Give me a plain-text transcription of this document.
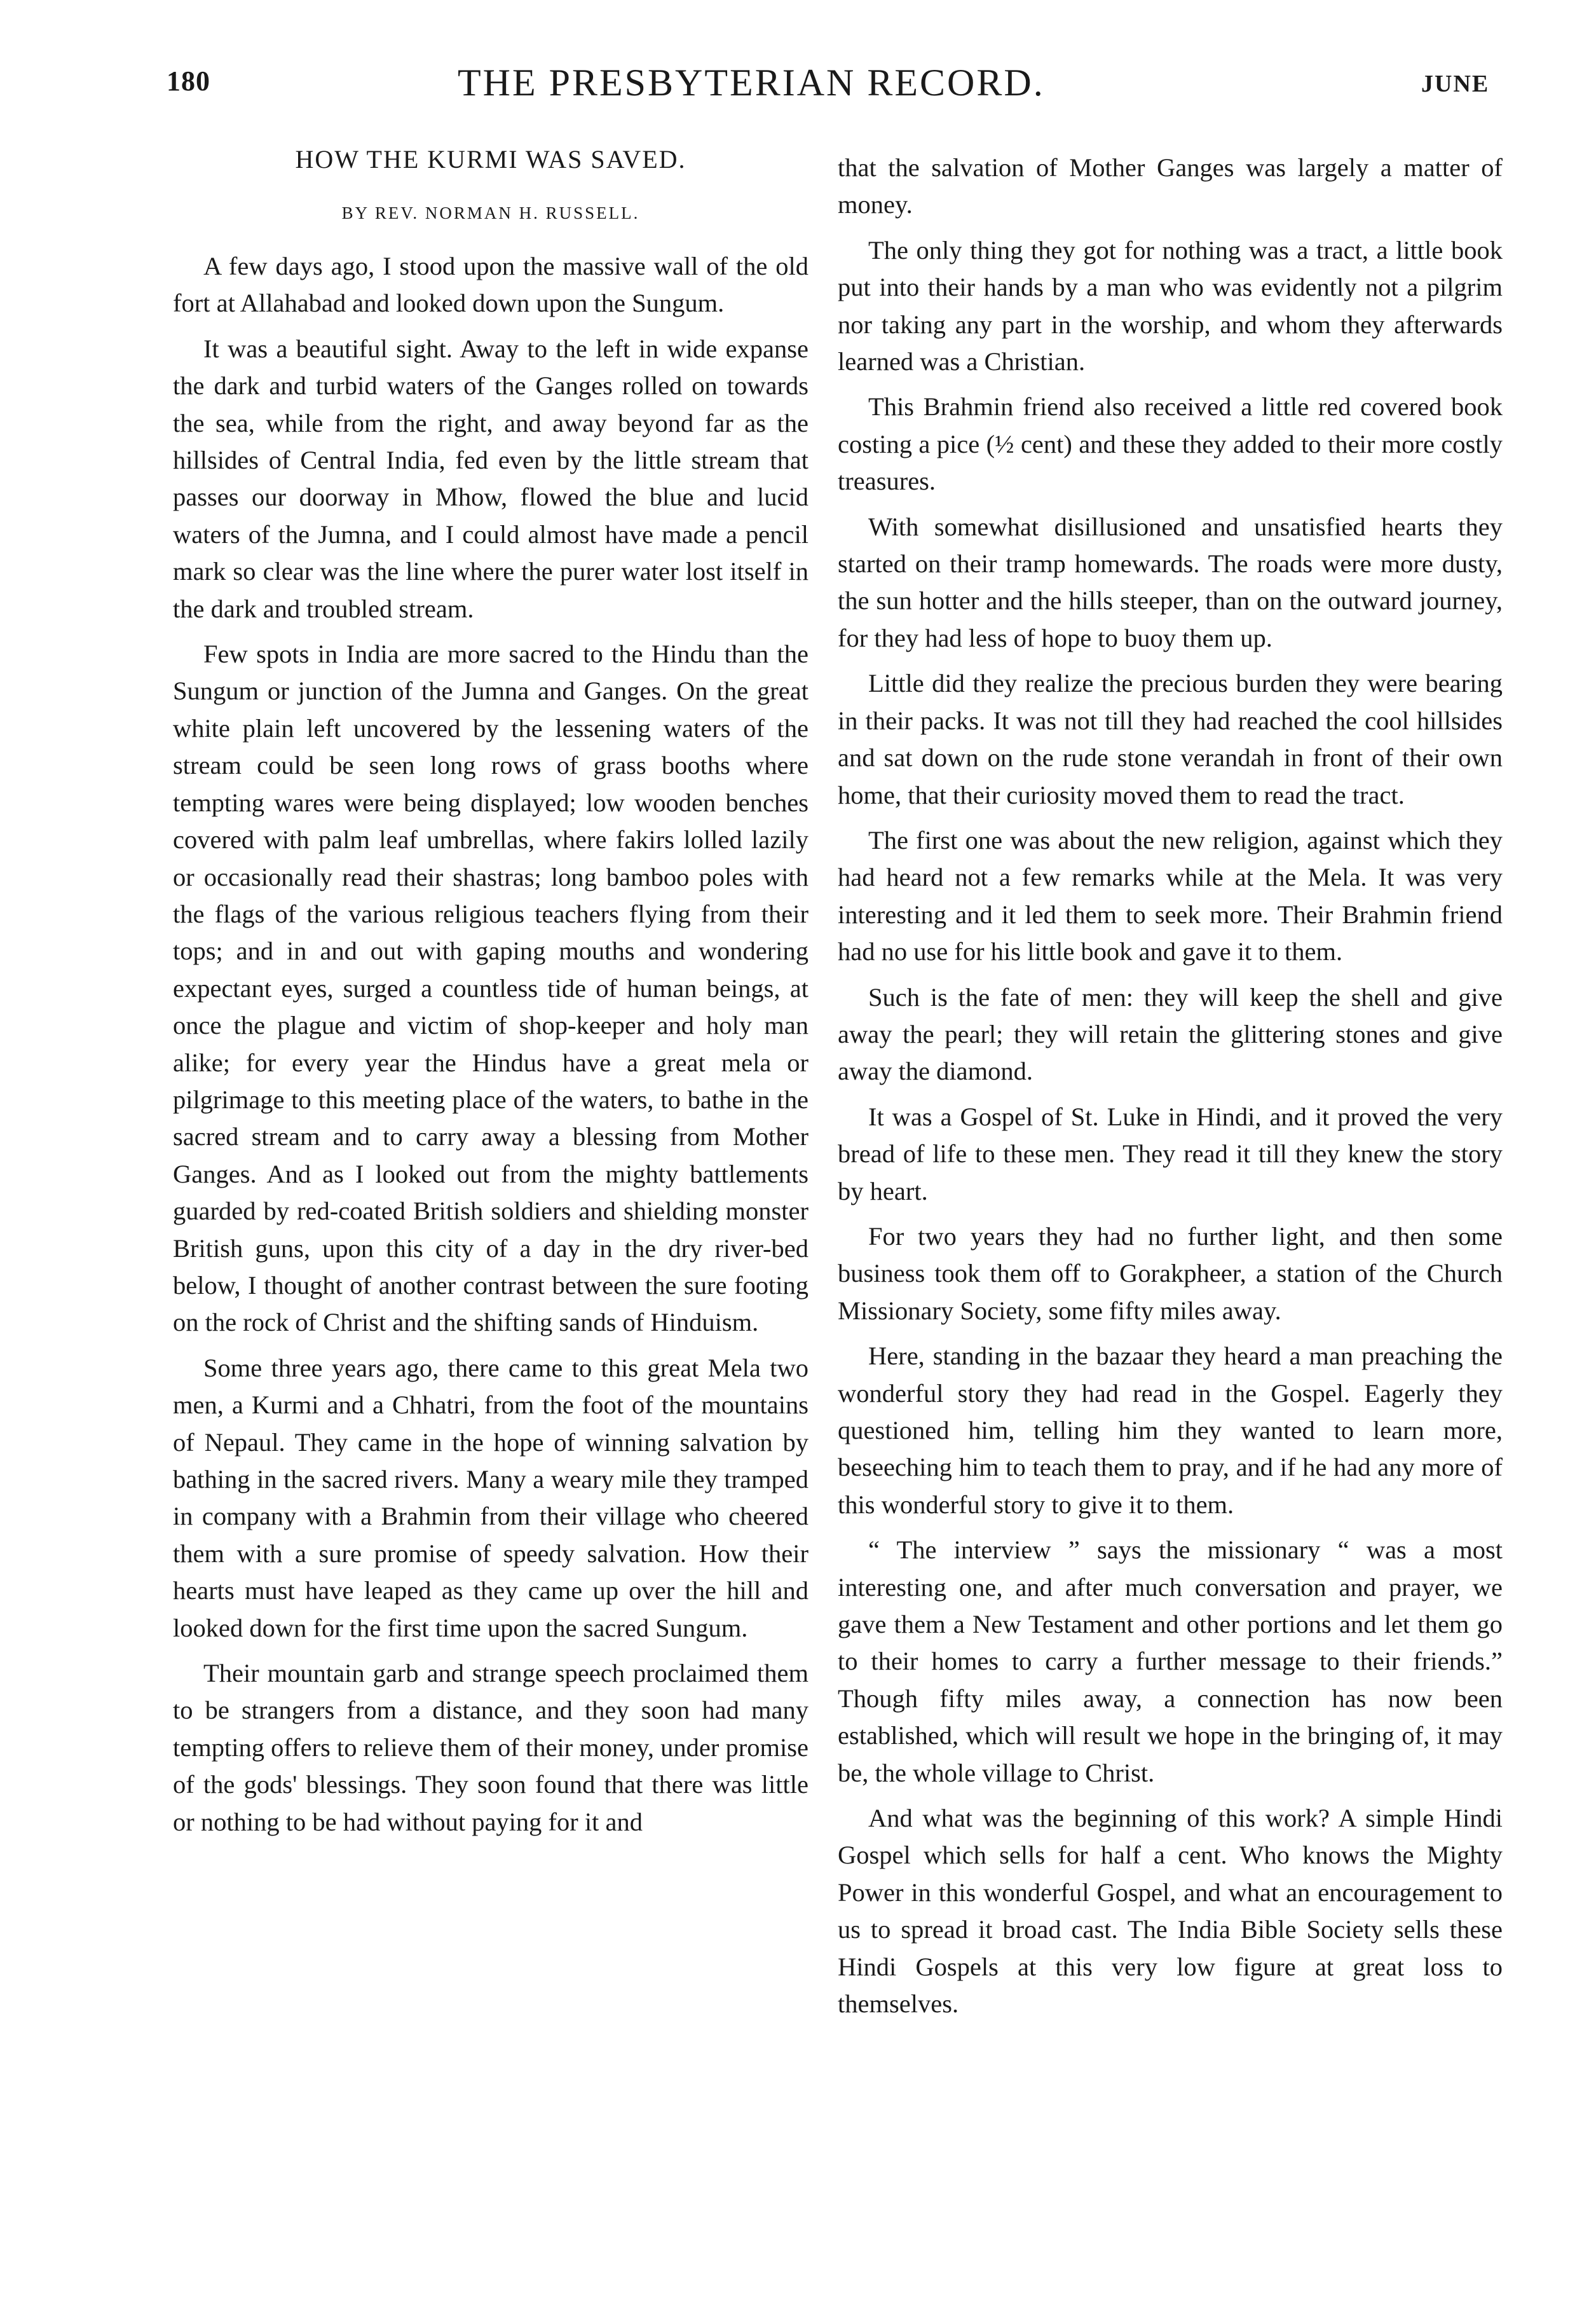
180	THE PRESBYTERIAN RECORD.	JUNE
HOW THE KURMI WAS SAVED.
BY REV. NORMAN H. RUSSELL.

A few days ago, I stood upon the massive wall of the old fort at Allahabad and looked down upon the Sungum.

It was a beautiful sight. Away to the left in wide expanse the dark and turbid waters of the Ganges rolled on towards the sea, while from the right, and away beyond far as the hillsides of Central India, fed even by the little stream that passes our doorway in Mhow, flowed the blue and lucid waters of the Jumna, and I could almost have made a pencil mark so clear was the line where the purer water lost itself in the dark and troubled stream.

Few spots in India are more sacred to the Hindu than the Sungum or junction of the Jumna and Ganges. On the great white plain left uncovered by the lessening waters of the stream could be seen long rows of grass booths where tempting wares were being displayed; low wooden benches covered with palm leaf umbrellas, where fakirs lolled lazily or occasionally read their shastras; long bamboo poles with the flags of the various religious teachers flying from their tops; and in and out with gaping mouths and wondering expectant eyes, surged a countless tide of human beings, at once the plague and victim of shop-keeper and holy man alike; for every year the Hindus have a great mela or pilgrimage to this meeting place of the waters, to bathe in the sacred stream and to carry away a blessing from Mother Ganges. And as I looked out from the mighty battlements guarded by red-coated British soldiers and shielding monster British guns, upon this city of a day in the dry river-bed below, I thought of another contrast between the sure footing on the rock of Christ and the shifting sands of Hinduism.

Some three years ago, there came to this great Mela two men, a Kurmi and a Chhatri, from the foot of the mountains of Nepaul. They came in the hope of winning salvation by bathing in the sacred rivers. Many a weary mile they tramped in company with a Brahmin from their village who cheered them with a sure promise of speedy salvation. How their hearts must have leaped as they came up over the hill and looked down for the first time upon the sacred Sungum.

Their mountain garb and strange speech proclaimed them to be strangers from a distance, and they soon had many tempting offers to relieve them of their money, under promise of the gods' blessings. They soon found that there was little or nothing to be had without paying for it and

that the salvation of Mother Ganges was largely a matter of money.

The only thing they got for nothing was a tract, a little book put into their hands by a man who was evidently not a pilgrim nor taking any part in the worship, and whom they afterwards learned was a Christian.

This Brahmin friend also received a little red covered book costing a pice (½ cent) and these they added to their more costly treasures.

With somewhat disillusioned and unsatisfied hearts they started on their tramp homewards. The roads were more dusty, the sun hotter and the hills steeper, than on the outward journey, for they had less of hope to buoy them up.

Little did they realize the precious burden they were bearing in their packs. It was not till they had reached the cool hillsides and sat down on the rude stone verandah in front of their own home, that their curiosity moved them to read the tract.

The first one was about the new religion, against which they had heard not a few remarks while at the Mela. It was very interesting and it led them to seek more. Their Brahmin friend had no use for his little book and gave it to them.

Such is the fate of men: they will keep the shell and give away the pearl; they will retain the glittering stones and give away the diamond.

It was a Gospel of St. Luke in Hindi, and it proved the very bread of life to these men. They read it till they knew the story by heart.

For two years they had no further light, and then some business took them off to Gorakpheer, a station of the Church Missionary Society, some fifty miles away.

Here, standing in the bazaar they heard a man preaching the wonderful story they had read in the Gospel. Eagerly they questioned him, telling him they wanted to learn more, beseeching him to teach them to pray, and if he had any more of this wonderful story to give it to them.

“ The interview ” says the missionary “ was a most interesting one, and after much conversation and prayer, we gave them a New Testament and other portions and let them go to their homes to carry a further message to their friends.” Though fifty miles away, a connection has now been established, which will result we hope in the bringing of, it may be, the whole village to Christ.

And what was the beginning of this work? A simple Hindi Gospel which sells for half a cent. Who knows the Mighty Power in this wonderful Gospel, and what an encouragement to us to spread it broad cast. The India Bible Society sells these Hindi Gospels at this very low figure at great loss to themselves.
